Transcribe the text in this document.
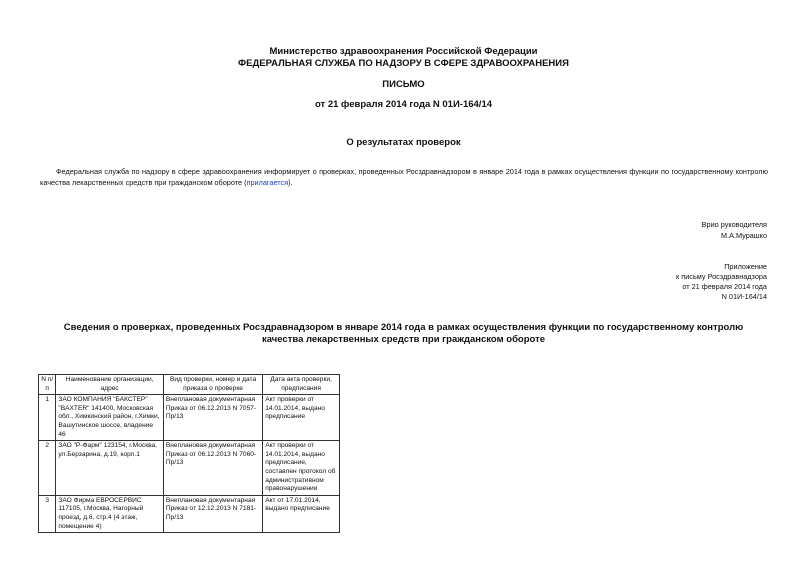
Министерство здравоохранения Российской Федерации
ФЕДЕРАЛЬНАЯ СЛУЖБА ПО НАДЗОРУ В СФЕРЕ ЗДРАВООХРАНЕНИЯ
ПИСЬМО
от 21 февраля 2014 года N 01И-164/14
О результатах проверок
Федеральная служба по надзору в сфере здравоохранения информирует о проверках, проведенных Росздравнадзором в январе 2014 года в рамках осуществления функции по государственному контролю качества лекарственных средств при гражданском обороте (прилагается).
Врио руководителя
М.А.Мурашко
Приложение
к письму Росздравнадзора
от 21 февраля 2014 года
N 01И-164/14
Сведения о проверках, проведенных Росздравнадзором в январе 2014 года в рамках осуществления функции по государственному контролю качества лекарственных средств при гражданском обороте
N п/п	Наименование организации, адрес	Вид проверки, номер и дата приказа о проверке	Дата акта проверки, предписания
1	ЗАО КОМПАНИЯ "БАКСТЕР" "BAXTER" 141400, Московская обл., Химкинский район, г.Химки, Вашутинское шоссе, владение 46	Внеплановая документарная Приказ от 06.12.2013 N 7057-Пр/13	Акт проверки от 14.01.2014, выдано предписание
2	ЗАО "Р-Фарм" 123154, г.Москва, ул.Берзарина, д.19, корп.1	Внеплановая документарная Приказ от 06.12.2013 N 7060-Пр/13	Акт проверки от 14.01.2014, выдано предписание, составлен протокол об административном правонарушении
3	ЗАО Фирма ЕВРОСЕРВИС 117105, г.Москва, Нагорный проезд, д.6, стр.4 (4 этаж, помещение 4)	Внеплановая документарная Приказ от 12.12.2013 N 7181-Пр/13	Акт от 17.01.2014, выдано предписание
